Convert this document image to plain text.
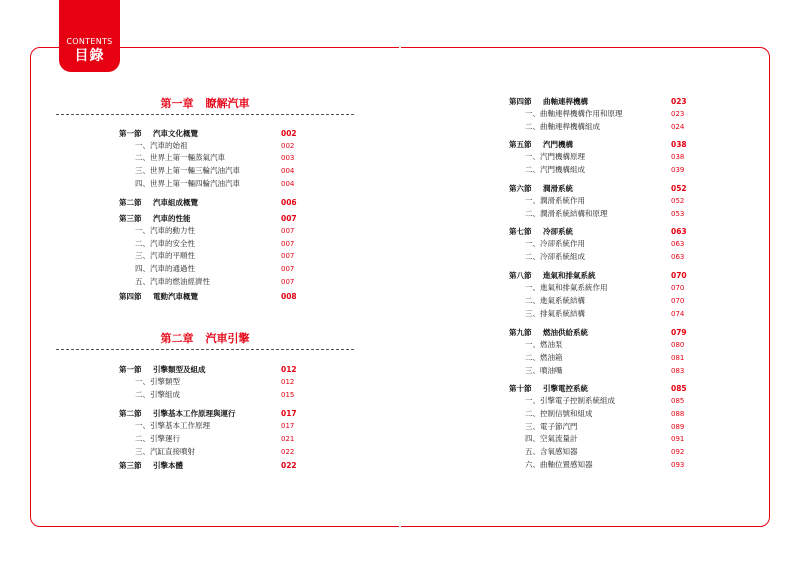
CONTENTS
目錄
第一章 瞭解汽車
第一節 汽車文化概覽	002
一、汽車的始祖	002
二、世界上第一輛蒸氣汽車	003
三、世界上第一輛三輪汽油汽車	004
四、世界上第一輛四輪汽油汽車	004
第二節 汽車組成概覽	006
第三節 汽車的性能	007
一、汽車的動力性	007
二、汽車的安全性	007
三、汽車的平順性	007
四、汽車的通過性	007
五、汽車的燃油經濟性	007
第四節 電動汽車概覽	008
第二章 汽車引擎
第一節 引擎類型及組成	012
一、引擎類型	012
二、引擎組成	015
第二節 引擎基本工作原理與運行	017
一、引擎基本工作原理	017
二、引擎運行	021
三、汽缸直接噴射	022
第三節 引擎本體	022
第四節 曲軸連桿機構	023
一、曲軸連桿機構作用和原理	023
二、曲軸連桿機構組成	024
第五節 汽門機構	038
一、汽門機構原理	038
二、汽門機構組成	039
第六節 潤滑系統	052
一、潤滑系統作用	052
二、潤滑系統結構和原理	053
第七節 冷卻系統	063
一、冷卻系統作用	063
二、冷卻系統組成	063
第八節 進氣和排氣系統	070
一、進氣和排氣系統作用	070
二、進氣系統結構	070
三、排氣系統結構	074
第九節 燃油供給系統	079
一、燃油泵	080
二、燃油箱	081
三、噴油嘴	083
第十節 引擎電控系統	085
一、引擎電子控制系統組成	085
二、控制信號和組成	088
三、電子節汽門	089
四、空氣流量計	091
五、含氧感知器	092
六、曲軸位置感知器	093
